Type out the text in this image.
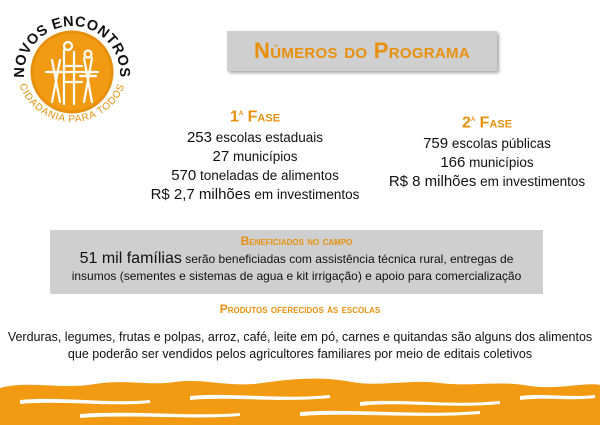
NOVOS ENCONTROS
CIDADANIA PARA TODOS
Números do Programa
1$^a$ Fase
253 escolas estaduais
27 municípios
570 toneladas de alimentos
R$ 2,7 milhões em investimentos
2$^a$ Fase
759 escolas públicas
166 municípios
R$ 8 milhões em investimentos
Beneficiados no campo
51 mil famílias serão beneficiadas com assistência técnica rural, entregas de insumos (sementes e sistemas de agua e kit irrigação) e apoio para comercialização
Produtos oferecidos às escolas
Verduras, legumes, frutas e polpas, arroz, café, leite em pó, carnes e quitandas são alguns dos alimentos que poderão ser vendidos pelos agricultores familiares por meio de editais coletivos
